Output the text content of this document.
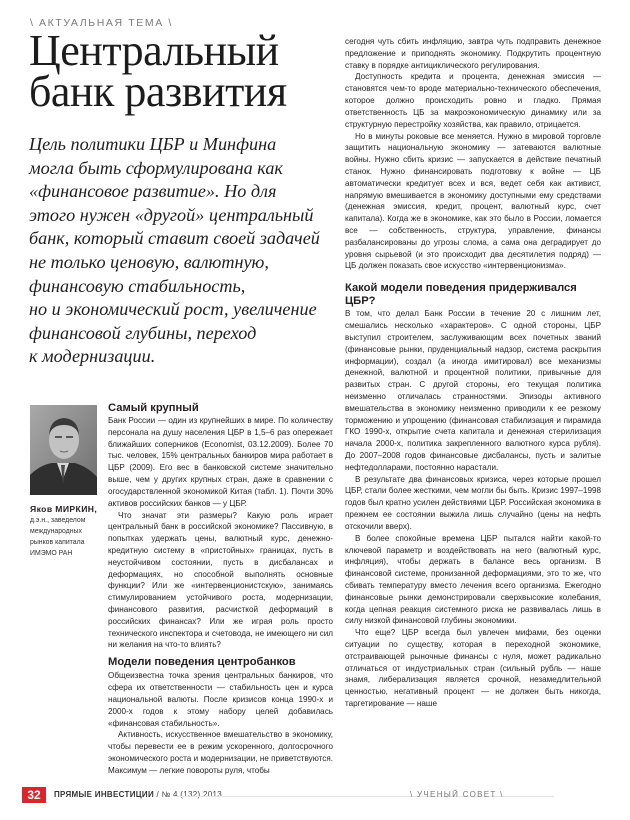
\ АКТУАЛЬНАЯ ТЕМА \
Центральный
банк развития
Цель политики ЦБР и Минфина
могла быть сформулирована как
«финансовое развитие». Но для
этого нужен «другой» центральный
банк, который ставит своей задачей
не только ценовую, валютную,
финансовую стабильность,
но и экономический рост, увеличение
финансовой глубины, переход
к модернизации.
Яков МИРКИН,
д.э.н., заведелом
международных
рынков капитала
ИМЭМО РАН
Самый крупный

Банк России — один из крупнейших в мире. По количеству персонала на душу населения ЦБР в 1,5–6 раз опережает ближайших соперников (Economist, 03.12.2009). Более 70 тыс. человек, 15% центральных банкиров мира работает в ЦБР (2009). Его вес в банковской системе значительно выше, чем у других крупных стран, даже в сравнении с огосударствленной экономикой Китая (табл. 1). Почти 30% активов российских банков — у ЦБР.

Что значат эти размеры? Какую роль играет центральный банк в российской экономике? Пассивную, в попытках удержать цены, валютный курс, денежно-кредитную систему в «пристойных» границах, пусть в неустойчивом состоянии, пусть в дисбалансах и деформациях, но способной выполнять основные функции? Или же «интервенционистскую», занимаясь стимулированием устойчивого роста, модернизации, финансового развития, расчисткой деформаций в российских финансах? Или же играя роль просто технического инспектора и счетовода, не имеющего ни сил ни желания на что-то влиять?

Модели поведения центробанков

Общеизвестна точка зрения центральных банкиров, что сфера их ответственности — стабильность цен и курса национальной валюты. После кризисов конца 1990-х и 2000-х годов к этому набору целей добавилась «финансовая стабильность».

Активность, искусственное вмешательство в экономику, чтобы перевести ее в режим ускоренного, долгосрочного экономического роста и модернизации, не приветствуются. Максимум — легкие повороты руля, чтобы

сегодня чуть сбить инфляцию, завтра чуть подправить денежное предложение и приподнять экономику. Подкрутить процентную ставку в порядке антициклического регулирования.

Доступность кредита и процента, денежная эмиссия — становятся чем-то вроде материально-технического обеспечения, которое должно происходить ровно и гладко. Прямая ответственность ЦБ за макроэкономическую динамику или за структурную перестройку хозяйства, как правило, отрицается.

Но в минуты роковые все меняется. Нужно в мировой торговле защитить национальную экономику — затеваются валютные войны. Нужно сбить кризис — запускается в действие печатный станок. Нужно финансировать подготовку к войне — ЦБ автоматически кредитует всех и вся, ведет себя как активист, напрямую вмешивается в экономику доступными ему средствами (денежная эмиссия, кредит, процент, валютный курс, счет капитала). Когда же в экономике, как это было в России, ломается все — собственность, структура, управление, финансы разбалансированы до угрозы слома, а сама она деградирует до уровня сырьевой (и это происходит два десятилетия подряд) — ЦБ должен показать свое искусство «интервенционизма».

Какой модели поведения придерживался ЦБР?

В том, что делал Банк России в течение 20 с лишним лет, смешались несколько «характеров». С одной стороны, ЦБР выступил строителем, заслуживающим всех почетных званий (финансовые рынки, пруденциальный надзор, система раскрытия информации), создал (а иногда имитировал) все механизмы денежной, валютной и процентной политики, привычные для развитых стран. С другой стороны, его текущая политика неизменно отличалась странностями. Эпизоды активного вмешательства в экономику неизменно приводили к ее резкому торможению и упрощению (финансовая стабилизация и пирамида ГКО 1990-х, открытие счета капитала и денежная стерилизация начала 2000-х, политика закрепленного валютного курса рубля). До 2007–2008 годов финансовые дисбалансы, пусть и залитые нефтедолларами, постоянно нарастали.

В результате два финансовых кризиса, через которые прошел ЦБР, стали более жесткими, чем могли бы быть. Кризис 1997–1998 годов был кратно усилен действиями ЦБР. Российская экономика в прежнем ее состоянии выжила лишь случайно (цены на нефть отскочили вверх).

В более спокойные времена ЦБР пытался найти какой-то ключевой параметр и воздействовать на него (валютный курс, инфляция), чтобы держать в балансе весь организм. В финансовой системе, пронизанной деформациями, это то же, что сбивать температуру вместо лечения всего организма. Ежегодно финансовые рынки демонстрировали сверхвысокие колебания, когда цепная реакция системного риска не развивалась лишь в силу низкой финансовой глубины экономики.

Что еще? ЦБР всегда был увлечен мифами, без оценки ситуации по существу, которая в переходной экономике, отстраивающей рыночные финансы с нуля, может радикально отличаться от индустриальных стран (сильный рубль — наше знамя, либерализация является срочной, незамедлительной ценностью, негативный процент — не должен быть никогда, таргетирование — наше

32	ПРЯМЫЕ ИНВЕСТИЦИИ / № 4 (132) 2013	\ УЧЕНЫЙ СОВЕТ \
